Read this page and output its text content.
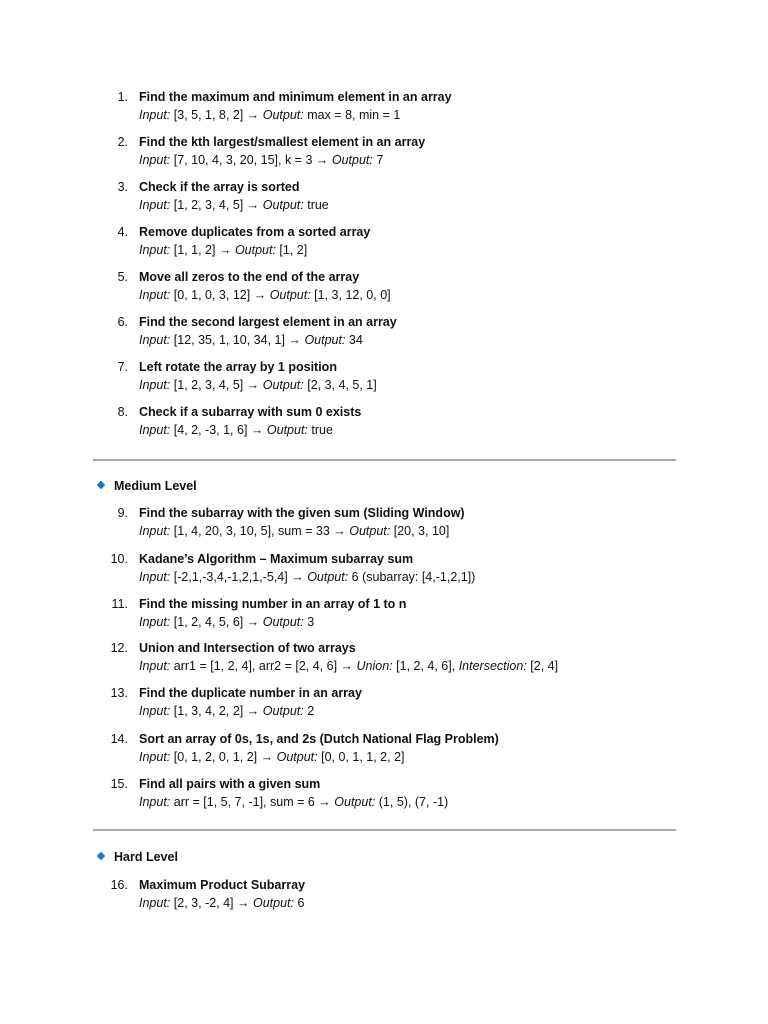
1. Find the maximum and minimum element in an array
Input: [3, 5, 1, 8, 2] → Output: max = 8, min = 1
2. Find the kth largest/smallest element in an array
Input: [7, 10, 4, 3, 20, 15], k = 3 → Output: 7
3. Check if the array is sorted
Input: [1, 2, 3, 4, 5] → Output: true
4. Remove duplicates from a sorted array
Input: [1, 1, 2] → Output: [1, 2]
5. Move all zeros to the end of the array
Input: [0, 1, 0, 3, 12] → Output: [1, 3, 12, 0, 0]
6. Find the second largest element in an array
Input: [12, 35, 1, 10, 34, 1] → Output: 34
7. Left rotate the array by 1 position
Input: [1, 2, 3, 4, 5] → Output: [2, 3, 4, 5, 1]
8. Check if a subarray with sum 0 exists
Input: [4, 2, -3, 1, 6] → Output: true
Medium Level
9. Find the subarray with the given sum (Sliding Window)
Input: [1, 4, 20, 3, 10, 5], sum = 33 → Output: [20, 3, 10]
10. Kadane’s Algorithm – Maximum subarray sum
Input: [-2,1,-3,4,-1,2,1,-5,4] → Output: 6 (subarray: [4,-1,2,1])
11. Find the missing number in an array of 1 to n
Input: [1, 2, 4, 5, 6] → Output: 3
12. Union and Intersection of two arrays
Input: arr1 = [1, 2, 4], arr2 = [2, 4, 6] → Union: [1, 2, 4, 6], Intersection: [2, 4]
13. Find the duplicate number in an array
Input: [1, 3, 4, 2, 2] → Output: 2
14. Sort an array of 0s, 1s, and 2s (Dutch National Flag Problem)
Input: [0, 1, 2, 0, 1, 2] → Output: [0, 0, 1, 1, 2, 2]
15. Find all pairs with a given sum
Input: arr = [1, 5, 7, -1], sum = 6 → Output: (1, 5), (7, -1)
Hard Level
16. Maximum Product Subarray
Input: [2, 3, -2, 4] → Output: 6
